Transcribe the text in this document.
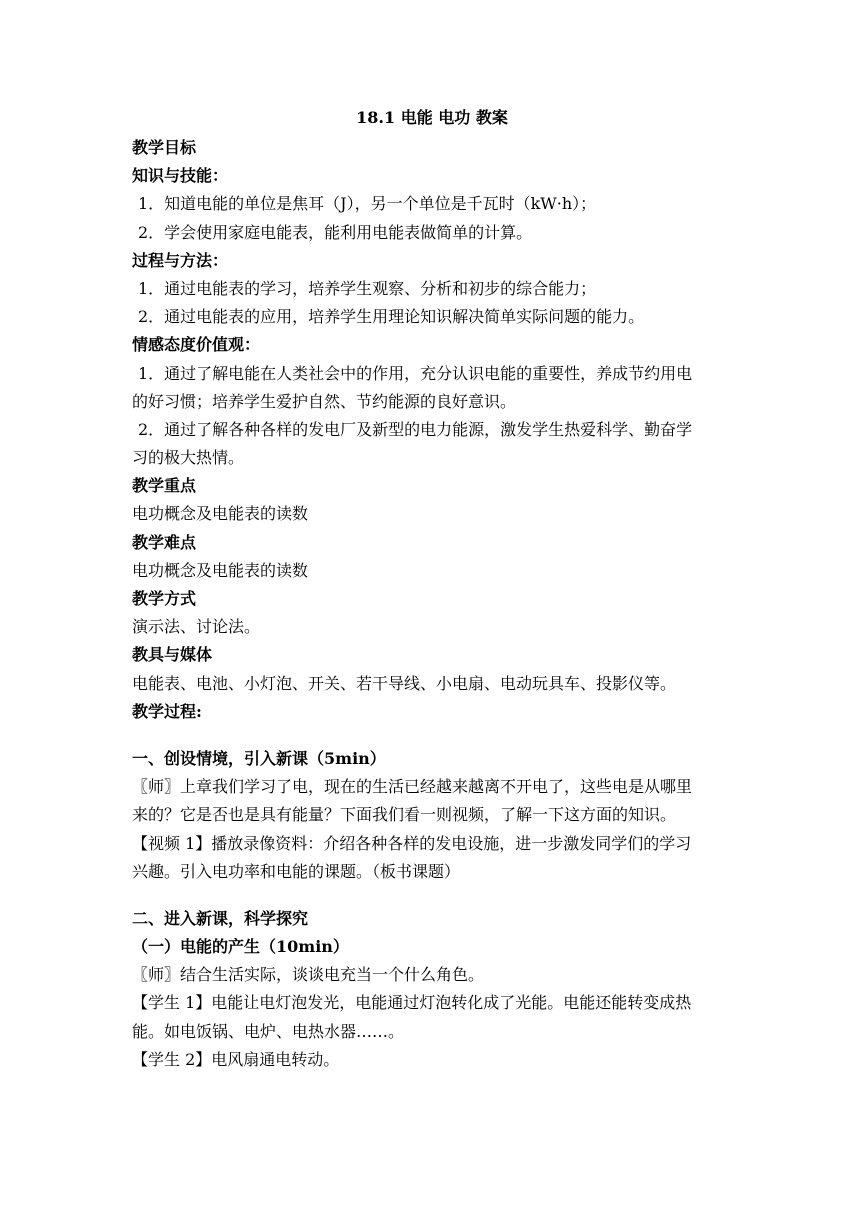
18.1 电能 电功 教案
教学目标
知识与技能：
1．知道电能的单位是焦耳（J），另一个单位是千瓦时（kW·h）；
2．学会使用家庭电能表，能利用电能表做简单的计算。
过程与方法：
1．通过电能表的学习，培养学生观察、分析和初步的综合能力；
2．通过电能表的应用，培养学生用理论知识解决简单实际问题的能力。
情感态度价值观：
1．通过了解电能在人类社会中的作用，充分认识电能的重要性，养成节约用电
的好习惯；培养学生爱护自然、节约能源的良好意识。
2．通过了解各种各样的发电厂及新型的电力能源，激发学生热爱科学、勤奋学
习的极大热情。
教学重点
电功概念及电能表的读数
教学难点
电功概念及电能表的读数
教学方式
演示法、讨论法。
教具与媒体
电能表、电池、小灯泡、开关、若干导线、小电扇、电动玩具车、投影仪等。
教学过程:
一、创设情境，引入新课（5min）
〖师〗上章我们学习了电，现在的生活已经越来越离不开电了，这些电是从哪里
来的？它是否也是具有能量？下面我们看一则视频，了解一下这方面的知识。
【视频 1】播放录像资料：介绍各种各样的发电设施，进一步激发同学们的学习
兴趣。引入电功率和电能的课题。（板书课题）
二、进入新课，科学探究
（一）电能的产生（10min）
〖师〗结合生活实际，谈谈电充当一个什么角色。
【学生 1】电能让电灯泡发光，电能通过灯泡转化成了光能。电能还能转变成热
能。如电饭锅、电炉、电热水器……。
【学生 2】电风扇通电转动。
